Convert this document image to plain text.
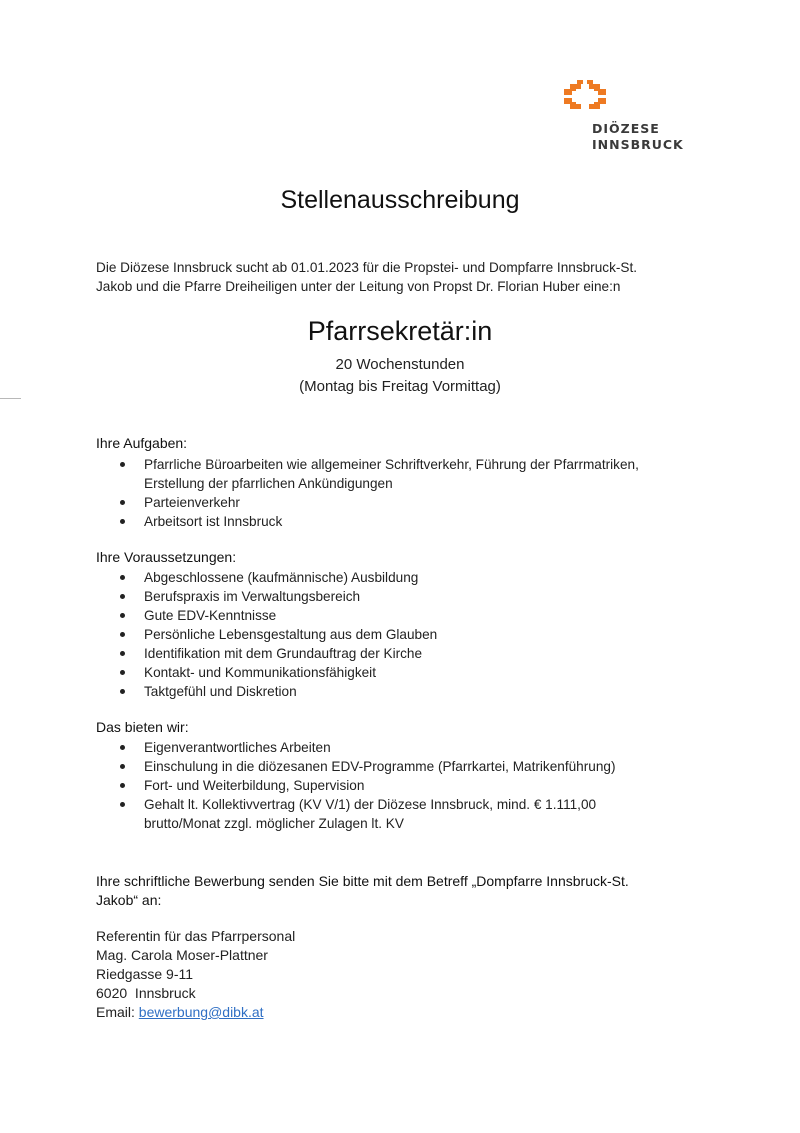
DIÖZESE
INNSBRUCK
Stellenausschreibung
Die Diözese Innsbruck sucht ab 01.01.2023 für die Propstei- und Dompfarre Innsbruck-St.
Jakob und die Pfarre Dreiheiligen unter der Leitung von Propst Dr. Florian Huber eine:n
Pfarrsekretär:in
20 Wochenstunden
(Montag bis Freitag Vormittag)
Ihre Aufgaben:
Pfarrliche Büroarbeiten wie allgemeiner Schriftverkehr, Führung der Pfarrmatriken,
Erstellung der pfarrlichen Ankündigungen
Parteienverkehr
Arbeitsort ist Innsbruck
Ihre Voraussetzungen:
Abgeschlossene (kaufmännische) Ausbildung
Berufspraxis im Verwaltungsbereich
Gute EDV-Kenntnisse
Persönliche Lebensgestaltung aus dem Glauben
Identifikation mit dem Grundauftrag der Kirche
Kontakt- und Kommunikationsfähigkeit
Taktgefühl und Diskretion
Das bieten wir:
Eigenverantwortliches Arbeiten
Einschulung in die diözesanen EDV-Programme (Pfarrkartei, Matrikenführung)
Fort- und Weiterbildung, Supervision
Gehalt lt. Kollektivvertrag (KV V/1) der Diözese Innsbruck, mind. € 1.111,00
brutto/Monat zzgl. möglicher Zulagen lt. KV
Ihre schriftliche Bewerbung senden Sie bitte mit dem Betreff „Dompfarre Innsbruck-St.
Jakob“ an:
Referentin für das Pfarrpersonal
Mag. Carola Moser-Plattner
Riedgasse 9-11
6020  Innsbruck
Email: bewerbung@dibk.at
